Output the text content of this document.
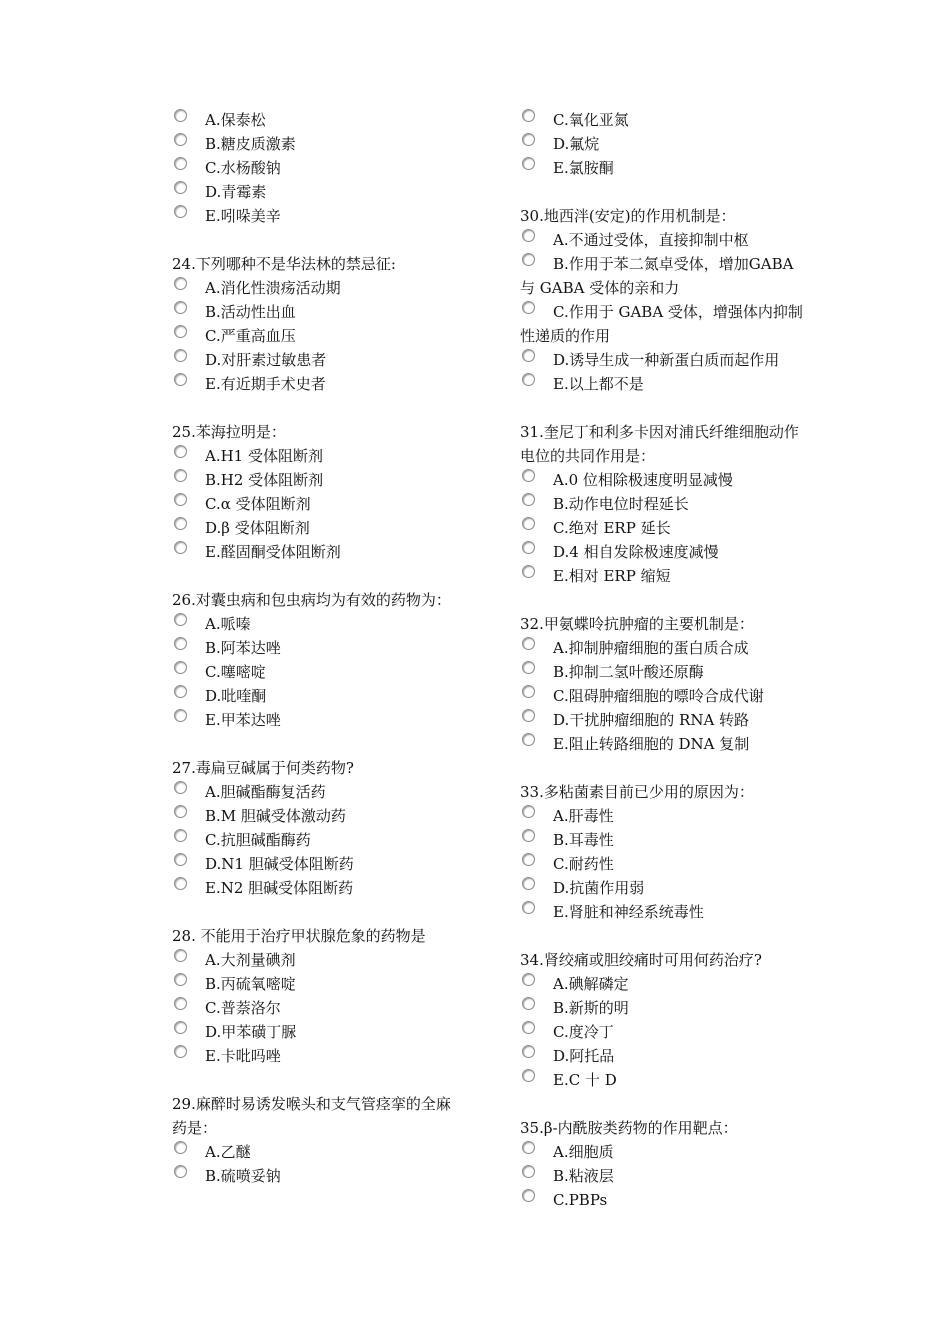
A.保泰松
B.糖皮质激素
C.水杨酸钠
D.青霉素
E.吲哚美辛

24.下列哪种不是华法林的禁忌征:

A.消化性溃疡活动期
B.活动性出血
C.严重高血压
D.对肝素过敏患者
E.有近期手术史者

25.苯海拉明是：

A.H1 受体阻断剂
B.H2 受体阻断剂
C.α 受体阻断剂
D.β 受体阻断剂
E.醛固酮受体阻断剂

26.对囊虫病和包虫病均为有效的药物为：

A.哌嗪
B.阿苯达唑
C.噻嘧啶
D.吡喹酮
E.甲苯达唑

27.毒扁豆碱属于何类药物?

A.胆碱酯酶复活药
B.M 胆碱受体激动药
C.抗胆碱酯酶药
D.N1 胆碱受体阻断药
E.N2 胆碱受体阻断药

28. 不能用于治疗甲状腺危象的药物是

A.大剂量碘剂
B.丙硫氧嘧啶
C.普萘洛尔
D.甲苯磺丁脲
E.卡吡吗唑

29.麻醉时易诱发喉头和支气管痉挛的全麻药是：

A.乙醚
B.硫喷妥钠
C.氧化亚氮
D.氟烷
E.氯胺酮

30.地西泮(安定)的作用机制是：

A.不通过受体，直接抑制中枢
B.作用于苯二氮卓受体，增加GABA 与 GABA 受体的亲和力
C.作用于 GABA 受体，增强体内抑制性递质的作用
D.诱导生成一种新蛋白质而起作用
E.以上都不是

31.奎尼丁和利多卡因对浦氏纤维细胞动作电位的共同作用是：

A.0 位相除极速度明显减慢
B.动作电位时程延长
C.绝对 ERP 延长
D.4 相自发除极速度减慢
E.相对 ERP 缩短

32.甲氨蝶呤抗肿瘤的主要机制是：

A.抑制肿瘤细胞的蛋白质合成
B.抑制二氢叶酸还原酶
C.阻碍肿瘤细胞的嘌呤合成代谢
D.干扰肿瘤细胞的 RNA 转路
E.阻止转路细胞的 DNA 复制

33.多粘菌素目前已少用的原因为：

A.肝毒性
B.耳毒性
C.耐药性
D.抗菌作用弱
E.肾脏和神经系统毒性

34.肾绞痛或胆绞痛时可用何药治疗?

A.碘解磷定
B.新斯的明
C.度冷丁
D.阿托品
E.C 十 D

35.β-内酰胺类药物的作用靶点：

A.细胞质
B.粘液层
C.PBPs
